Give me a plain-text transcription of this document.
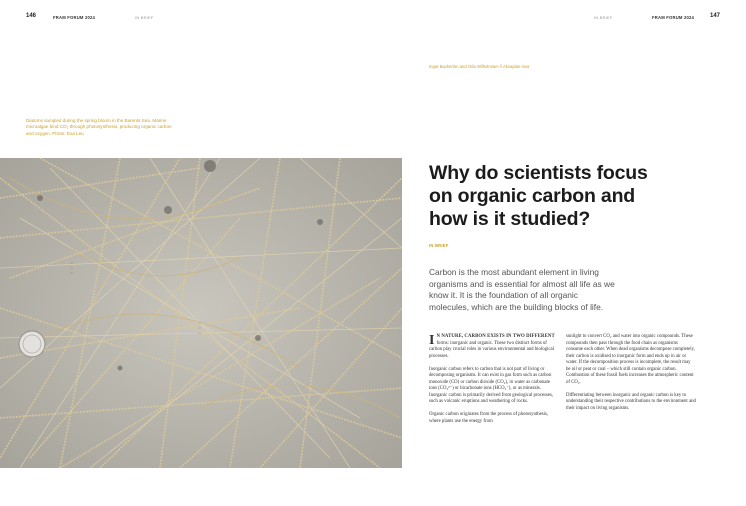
146	FRAM FORUM 2024	IN BRIEF	IN BRIEF	FRAM FORUM 2024	147
Ingar Backerton and Oda Wilhelmsen // Akvaplan-niva
Diatoms sampled during the spring bloom in the Barents Sea. Marine microalgae bind CO₂ through photosynthesis, producing organic carbon and oxygen. Photo: Eva Leu
Why do scientists focus on organic carbon and how is it studied?
IN BRIEF
Carbon is the most abundant element in living organisms and is essential for almost all life as we know it. It is the foundation of all organic molecules, which are the building blocks of life.

I N NATURE, CARBON EXISTS IN TWO DIFFERENT forms: inorganic and organic. These two distinct forms of carbon play crucial roles in various environmental and biological processes.

Inorganic carbon refers to carbon that is not part of living or decomposing organisms. It can exist in gas form such as carbon monoxide (CO) or carbon dioxide (CO₂), in water as carbonate ions (CO₃²⁻) or bicarbonate ions (HCO₃⁻), or as minerals. Inorganic carbon is primarily derived from geological processes, such as volcanic eruptions and weathering of rocks.

Organic carbon originates from the process of photosynthesis, where plants use the energy from

sunlight to convert CO₂ and water into organic compounds. These compounds then pass through the food chain as organisms consume each other. When dead organisms decompose completely, their carbon is oxidised to inorganic form and ends up in air or water. If the decomposition process is incomplete, the result may be oil or peat or coal – which still contain organic carbon. Combustion of these fossil fuels increases the atmospheric content of CO₂.

Differentiating between inorganic and organic carbon is key to understanding their respective contributions to the environment and their impact on living organisms.
